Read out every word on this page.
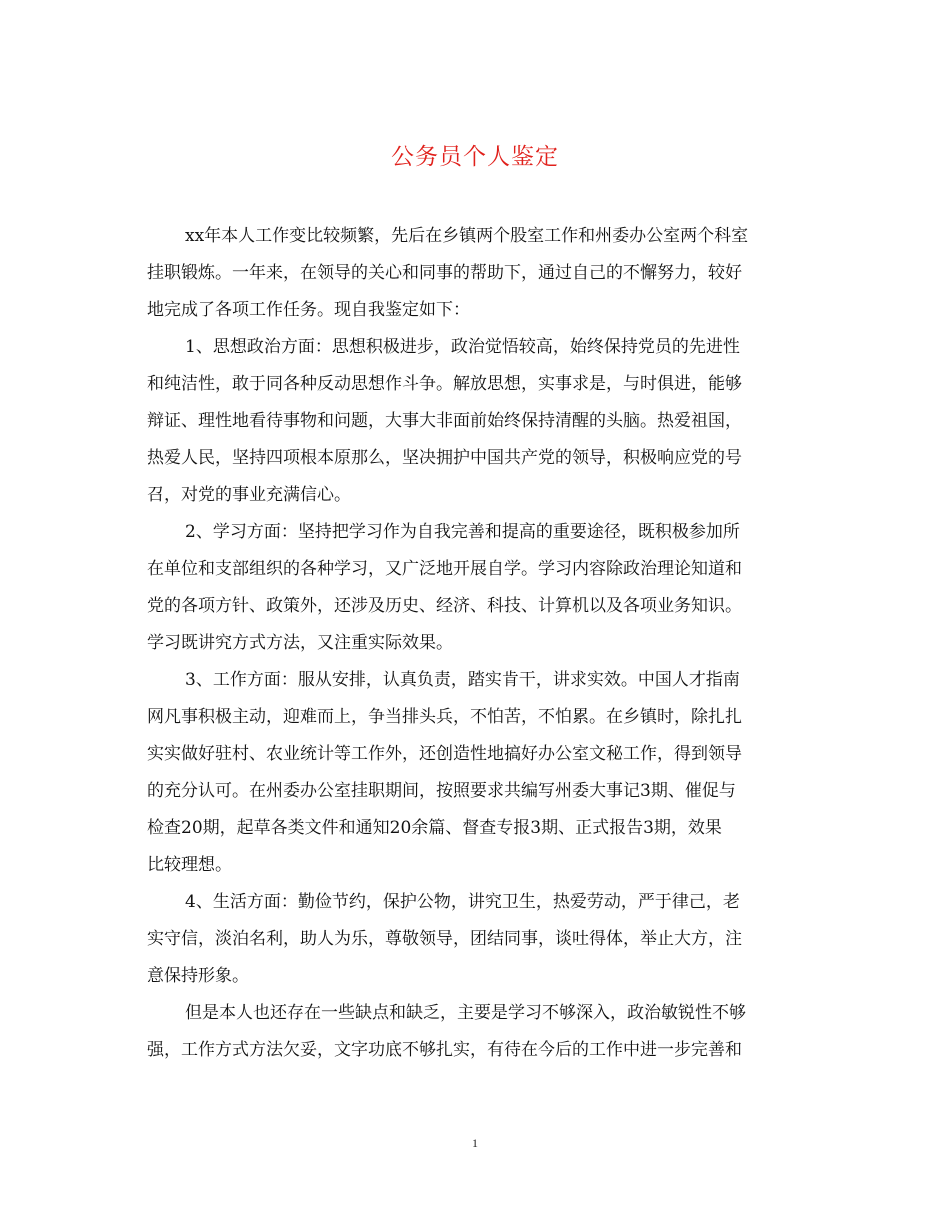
公务员个人鉴定
xx年本人工作变比较频繁，先后在乡镇两个股室工作和州委办公室两个科室
挂职锻炼。一年来，在领导的关心和同事的帮助下，通过自己的不懈努力，较好
地完成了各项工作任务。现自我鉴定如下：
1、思想政治方面：思想积极进步，政治觉悟较高，始终保持党员的先进性
和纯洁性，敢于同各种反动思想作斗争。解放思想，实事求是，与时俱进，能够
辩证、理性地看待事物和问题，大事大非面前始终保持清醒的头脑。热爱祖国，
热爱人民，坚持四项根本原那么，坚决拥护中国共产党的领导，积极响应党的号
召，对党的事业充满信心。
2、学习方面：坚持把学习作为自我完善和提高的重要途径，既积极参加所
在单位和支部组织的各种学习，又广泛地开展自学。学习内容除政治理论知道和
党的各项方针、政策外，还涉及历史、经济、科技、计算机以及各项业务知识。
学习既讲究方式方法，又注重实际效果。
3、工作方面：服从安排，认真负责，踏实肯干，讲求实效。中国人才指南
网凡事积极主动，迎难而上，争当排头兵，不怕苦，不怕累。在乡镇时，除扎扎
实实做好驻村、农业统计等工作外，还创造性地搞好办公室文秘工作，得到领导
的充分认可。在州委办公室挂职期间，按照要求共编写州委大事记3期、催促与
检查20期，起草各类文件和通知20余篇、督查专报3期、正式报告3期，效果
比较理想。
4、生活方面：勤俭节约，保护公物，讲究卫生，热爱劳动，严于律己，老
实守信，淡泊名利，助人为乐，尊敬领导，团结同事，谈吐得体，举止大方，注
意保持形象。
但是本人也还存在一些缺点和缺乏，主要是学习不够深入，政治敏锐性不够
强，工作方式方法欠妥，文字功底不够扎实，有待在今后的工作中进一步完善和
1
